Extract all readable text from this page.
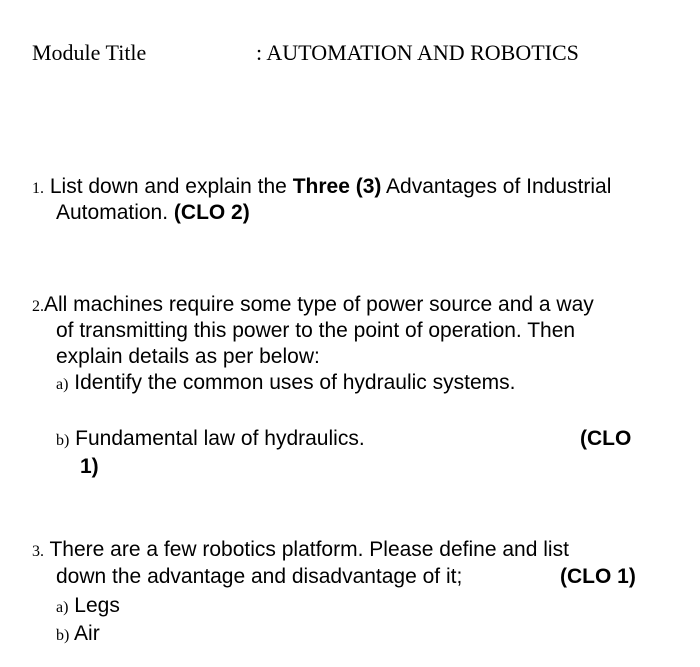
Module Title	: AUTOMATION AND ROBOTICS
1. List down and explain the Three (3) Advantages of Industrial
Automation. (CLO 2)
2.All machines require some type of power source and a way
of transmitting this power to the point of operation. Then
explain details as per below:
a) Identify the common uses of hydraulic systems.
b) Fundamental law of hydraulics.	(CLO
1)
3. There are a few robotics platform. Please define and list
down the advantage and disadvantage of it;	(CLO 1)
a) Legs
b) Air
